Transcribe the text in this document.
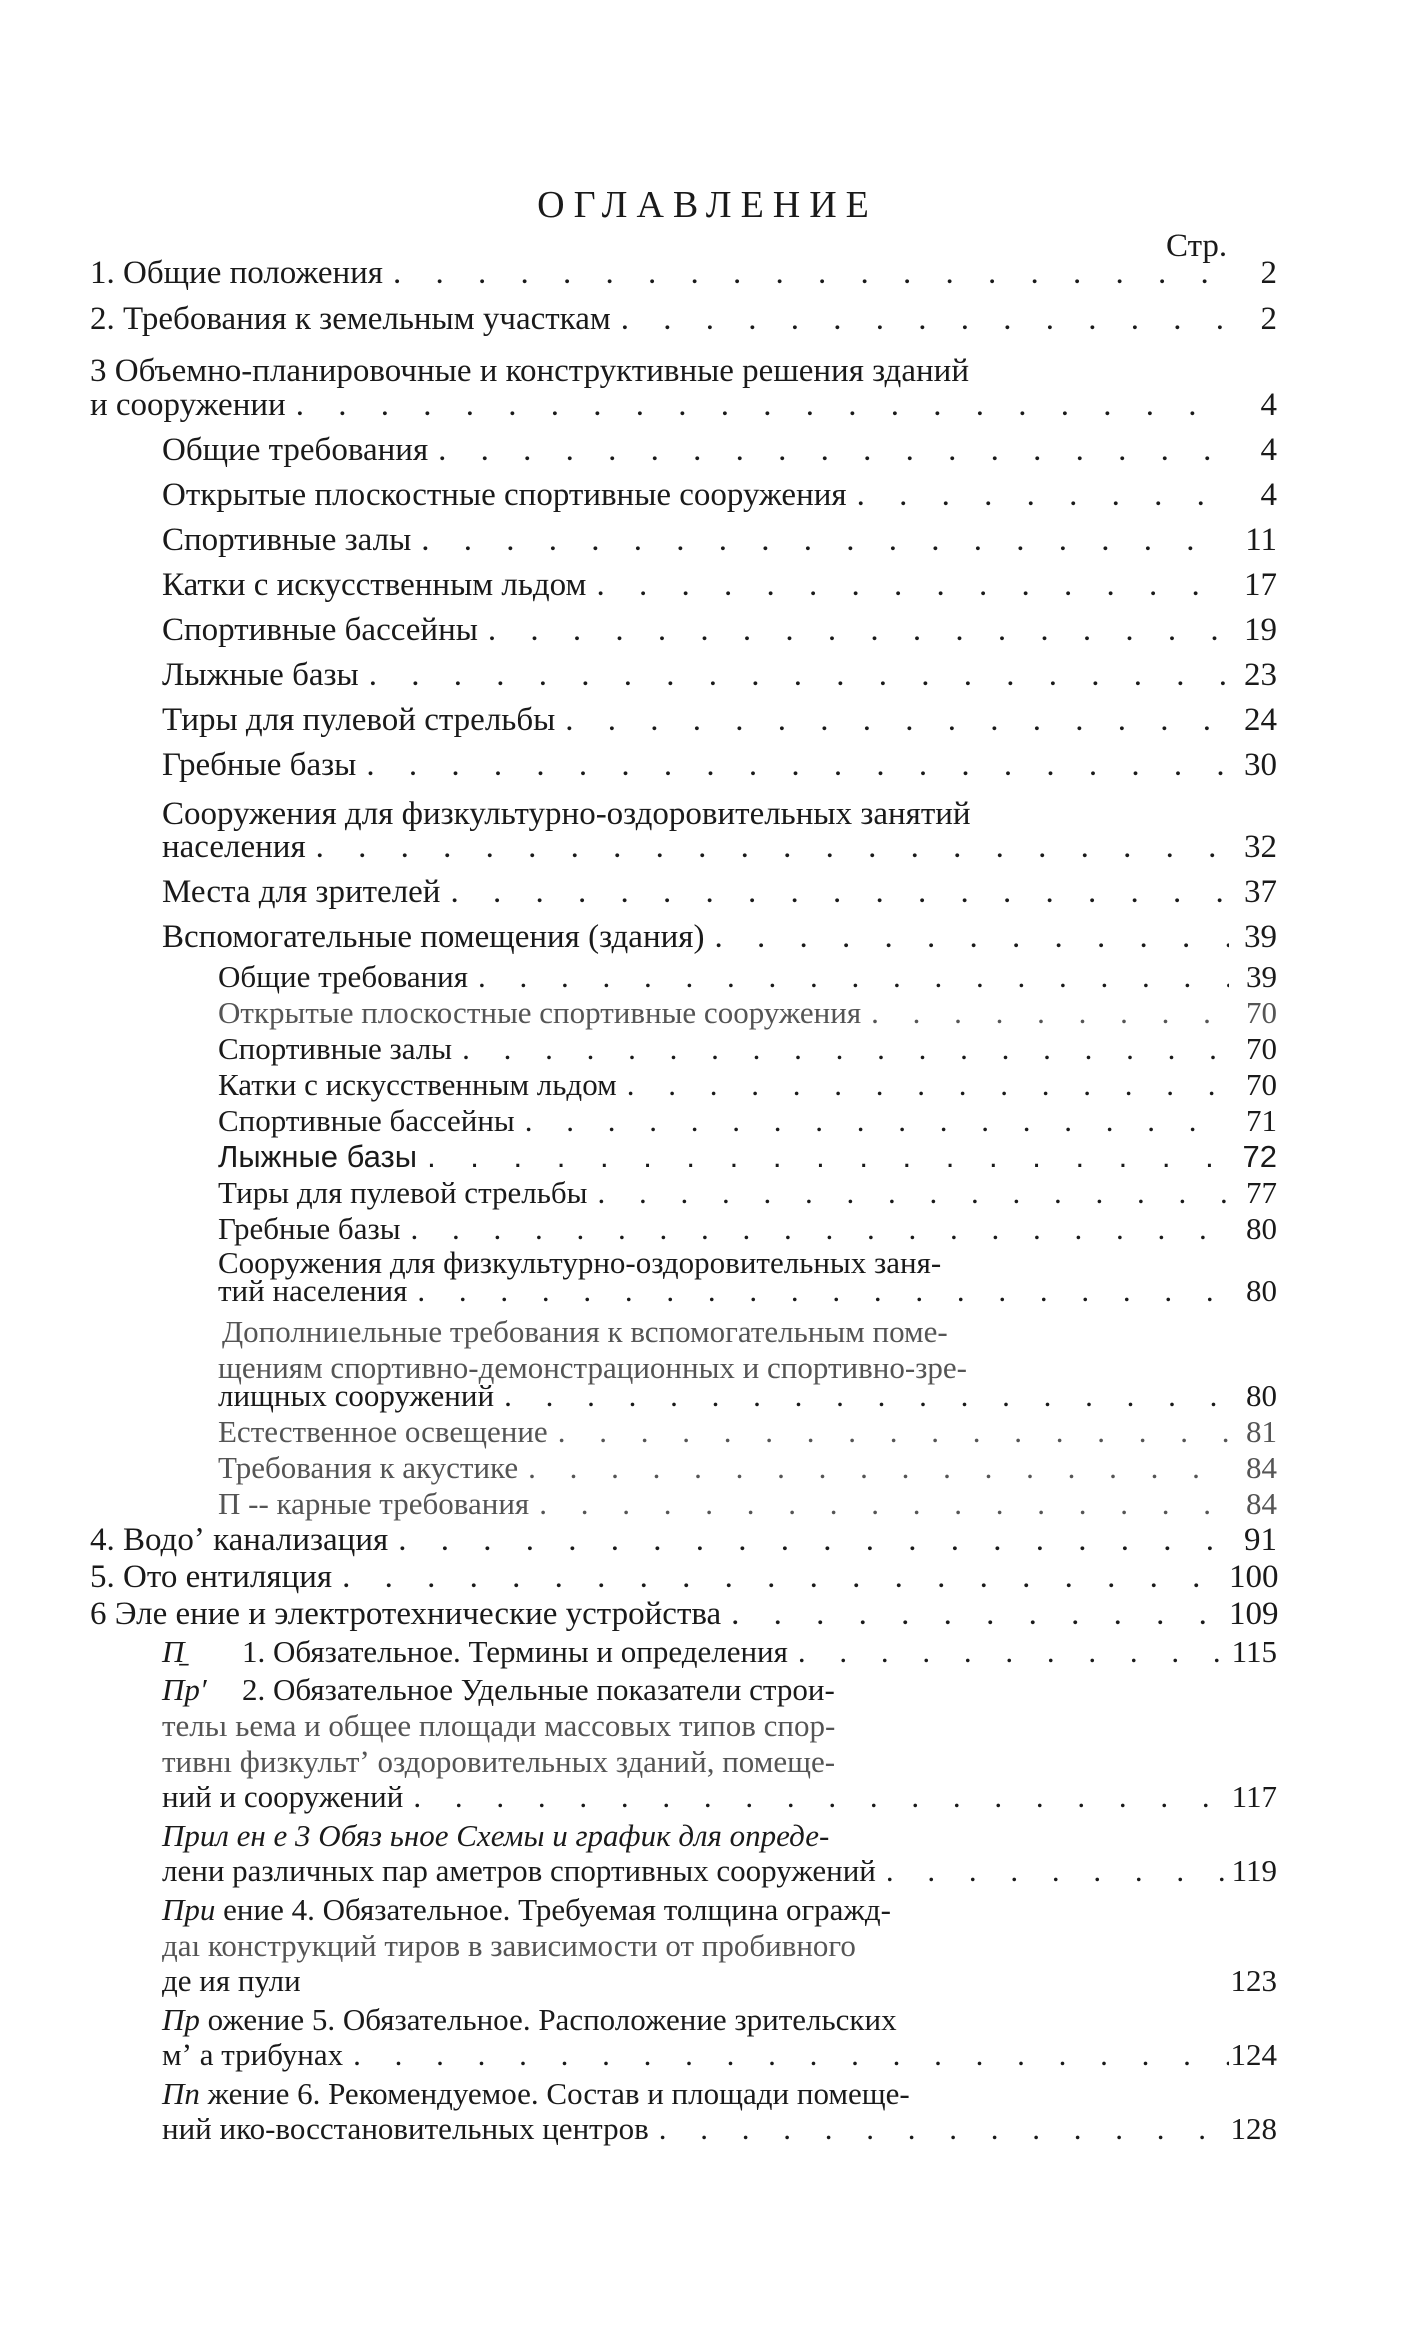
ОГЛАВЛЕНИЕ
Стр.
1. Общие положения . . .	2
2. Требования к земельным участкам . . .	2
3 Объемно-планировочные и конструктивные решения зданий
и сооружении . . .	4
Общие требования . . .	4
Открытые плоскостные спортивные сооружения . . .	4
Спортивные залы . . .	11
Катки с искусственным льдом . . .	17
Спортивные бассейны . . .	19
Лыжные базы . . .	23
Тиры для пулевой стрельбы . . .	24
Гребные базы . . .	30
Сооружения для физкультурно-оздоровительных занятий
населения . . .	32
Места для зрителей . . .	37
Вспомогательные помещения (здания) . . .	39
Общие требования . . .	39
Открытые плоскостные спортивные сооружения . . .	70
Спортивные залы . . .	70
Катки с искусственным льдом . . .	70
Спортивные бассейны . . .	71
Лыжные базы . . .	72
Тиры для пулевой стрельбы . . .	77
Гребные базы . . .	80
Сооружения для физкультурно-оздоровительных заня-
тий населения . . .	80
Дополниıельные требования к вспомогательным поме-
щениям спортивно-демонстрационных и спортивно-зре-
лищных сооружений . . .	80
Естественное освещение . . .	81
Требования к акустике . . .	84
П -- карные требования . . .	84
4. Водоʼ канализация . . .	91
5. Ото ентиляция . . .	100
6 Эле ение и электротехнические устройства . . .	109
П̱	1. Обязательное. Термины и определения . . .	115
Пр′ 2. Обязательное Удельные показатели строи-
тельı ьема и общее площади массовых типов спор-
тивнı физкультʼ оздоровительных зданий, помеще-
ний и сооружений . . .	117
Прил ен е 3 Обяз ьное Схемы и график для опреде-
лени различных пар аметров спортивных сооружений . . .	119
При ение 4. Обязательное. Требуемая толщина огражд-
даı конструкций тиров в зависимости от пробивного
де ия пули	123
Пр ожение 5. Обязательное. Расположение зрительских
мʼ а трибунах . . .	124
Пп жение 6. Рекомендуемое. Состав и площади помеще-
ний ико-восстановительных центров . . .	128
